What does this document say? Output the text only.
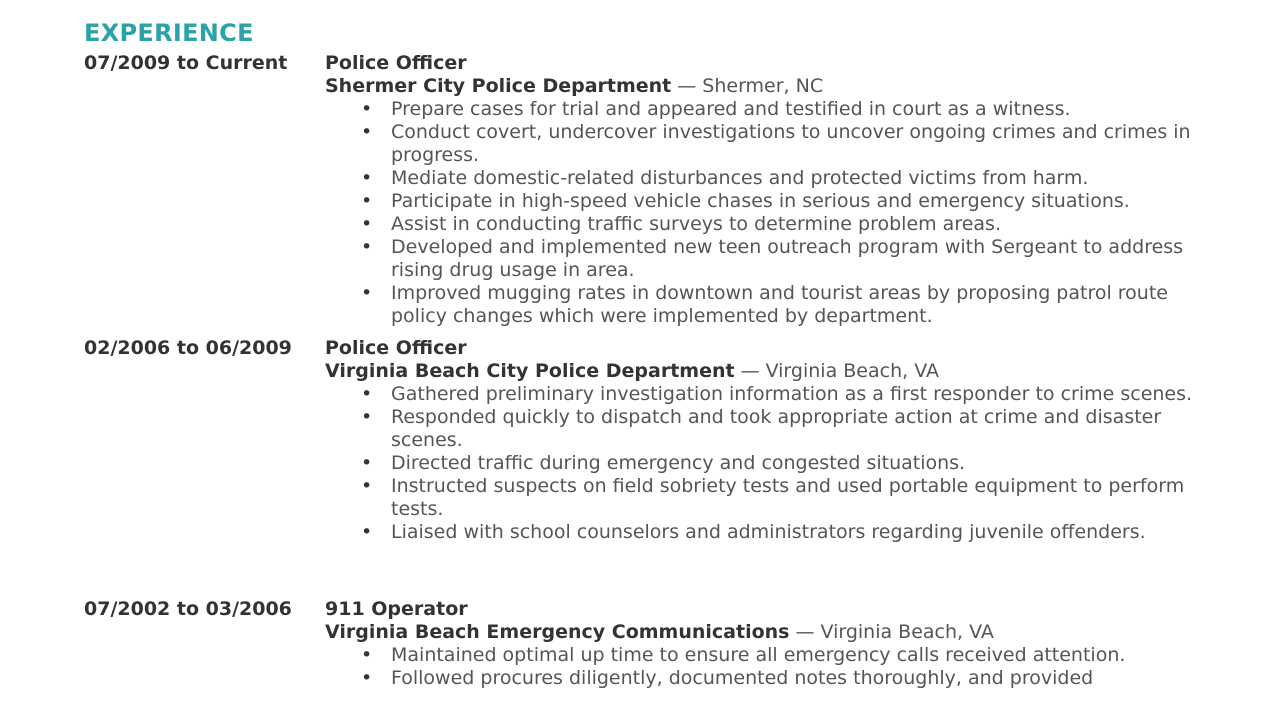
EXPERIENCE
07/2009 to Current Police Officer

Shermer City Police Department — Shermer, NC

• Prepare cases for trial and appeared and testified in court as a witness.
• Conduct covert, undercover investigations to uncover ongoing crimes and crimes in progress.
• Mediate domestic-related disturbances and protected victims from harm.
• Participate in high-speed vehicle chases in serious and emergency situations.
• Assist in conducting traffic surveys to determine problem areas.
• Developed and implemented new teen outreach program with Sergeant to address rising drug usage in area.
• Improved mugging rates in downtown and tourist areas by proposing patrol route policy changes which were implemented by department.
02/2006 to 06/2009 Police Officer

Virginia Beach City Police Department — Virginia Beach, VA

• Gathered preliminary investigation information as a first responder to crime scenes.
• Responded quickly to dispatch and took appropriate action at crime and disaster scenes.
• Directed traffic during emergency and congested situations.
• Instructed suspects on field sobriety tests and used portable equipment to perform tests.
• Liaised with school counselors and administrators regarding juvenile offenders.
07/2002 to 03/2006 911 Operator

Virginia Beach Emergency Communications — Virginia Beach, VA

• Maintained optimal up time to ensure all emergency calls received attention.
• Followed procures diligently, documented notes thoroughly, and provided
